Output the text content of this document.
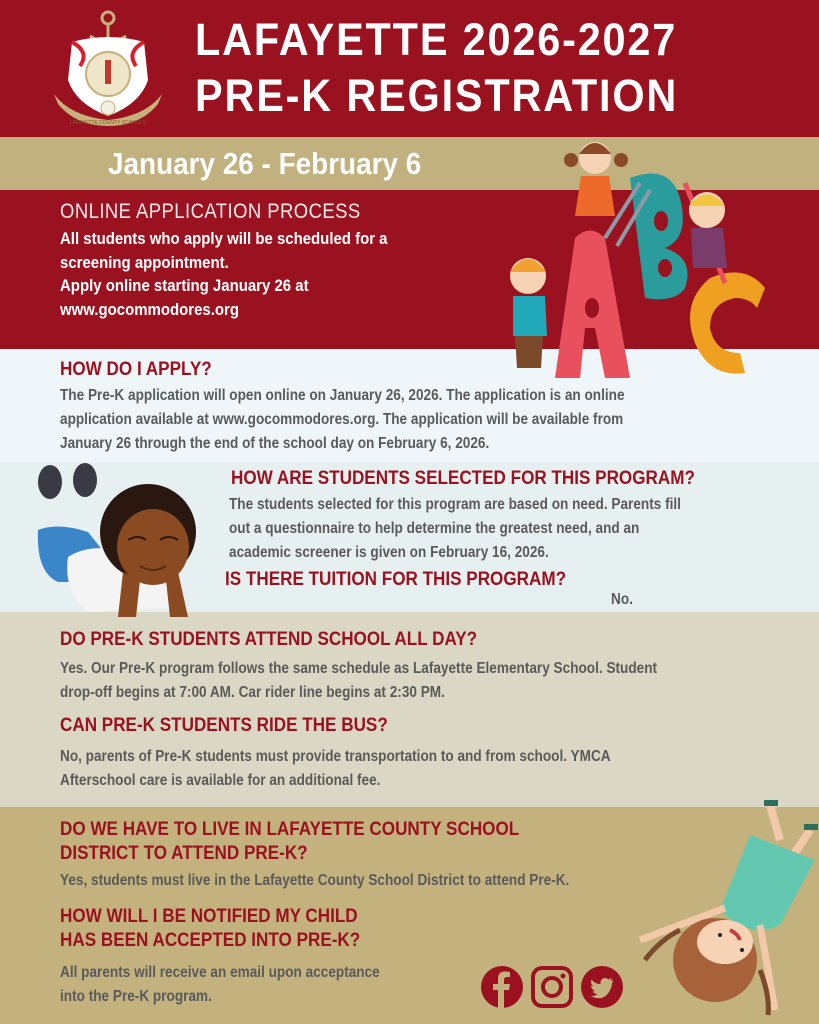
LAFAYETTE COUNTY SCHOOLS
LAFAYETTE 2026-2027
PRE-K REGISTRATION
January 26 - February 6
ONLINE APPLICATION PROCESS
All students who apply will be scheduled for a
screening appointment.
Apply online starting January 26 at
www.gocommodores.org
HOW DO I APPLY?
The Pre-K application will open online on January 26, 2026. The application is an online
application available at www.gocommodores.org. The application will be available from
January 26 through the end of the school day on February 6, 2026.
HOW ARE STUDENTS SELECTED FOR THIS PROGRAM?
The students selected for this program are based on need. Parents fill
out a questionnaire to help determine the greatest need, and an
academic screener is given on February 16, 2026.
IS THERE TUITION FOR THIS PROGRAM?
No.
DO PRE-K STUDENTS ATTEND SCHOOL ALL DAY?
Yes. Our Pre-K program follows the same schedule as Lafayette Elementary School. Student
drop-off begins at 7:00 AM. Car rider line begins at 2:30 PM.
CAN PRE-K STUDENTS RIDE THE BUS?
No, parents of Pre-K students must provide transportation to and from school. YMCA
Afterschool care is available for an additional fee.
DO WE HAVE TO LIVE IN LAFAYETTE COUNTY SCHOOL
DISTRICT TO ATTEND PRE-K?
Yes, students must live in the Lafayette County School District to attend Pre-K.
HOW WILL I BE NOTIFIED MY CHILD
HAS BEEN ACCEPTED INTO PRE-K?
All parents will receive an email upon acceptance
into the Pre-K program.
